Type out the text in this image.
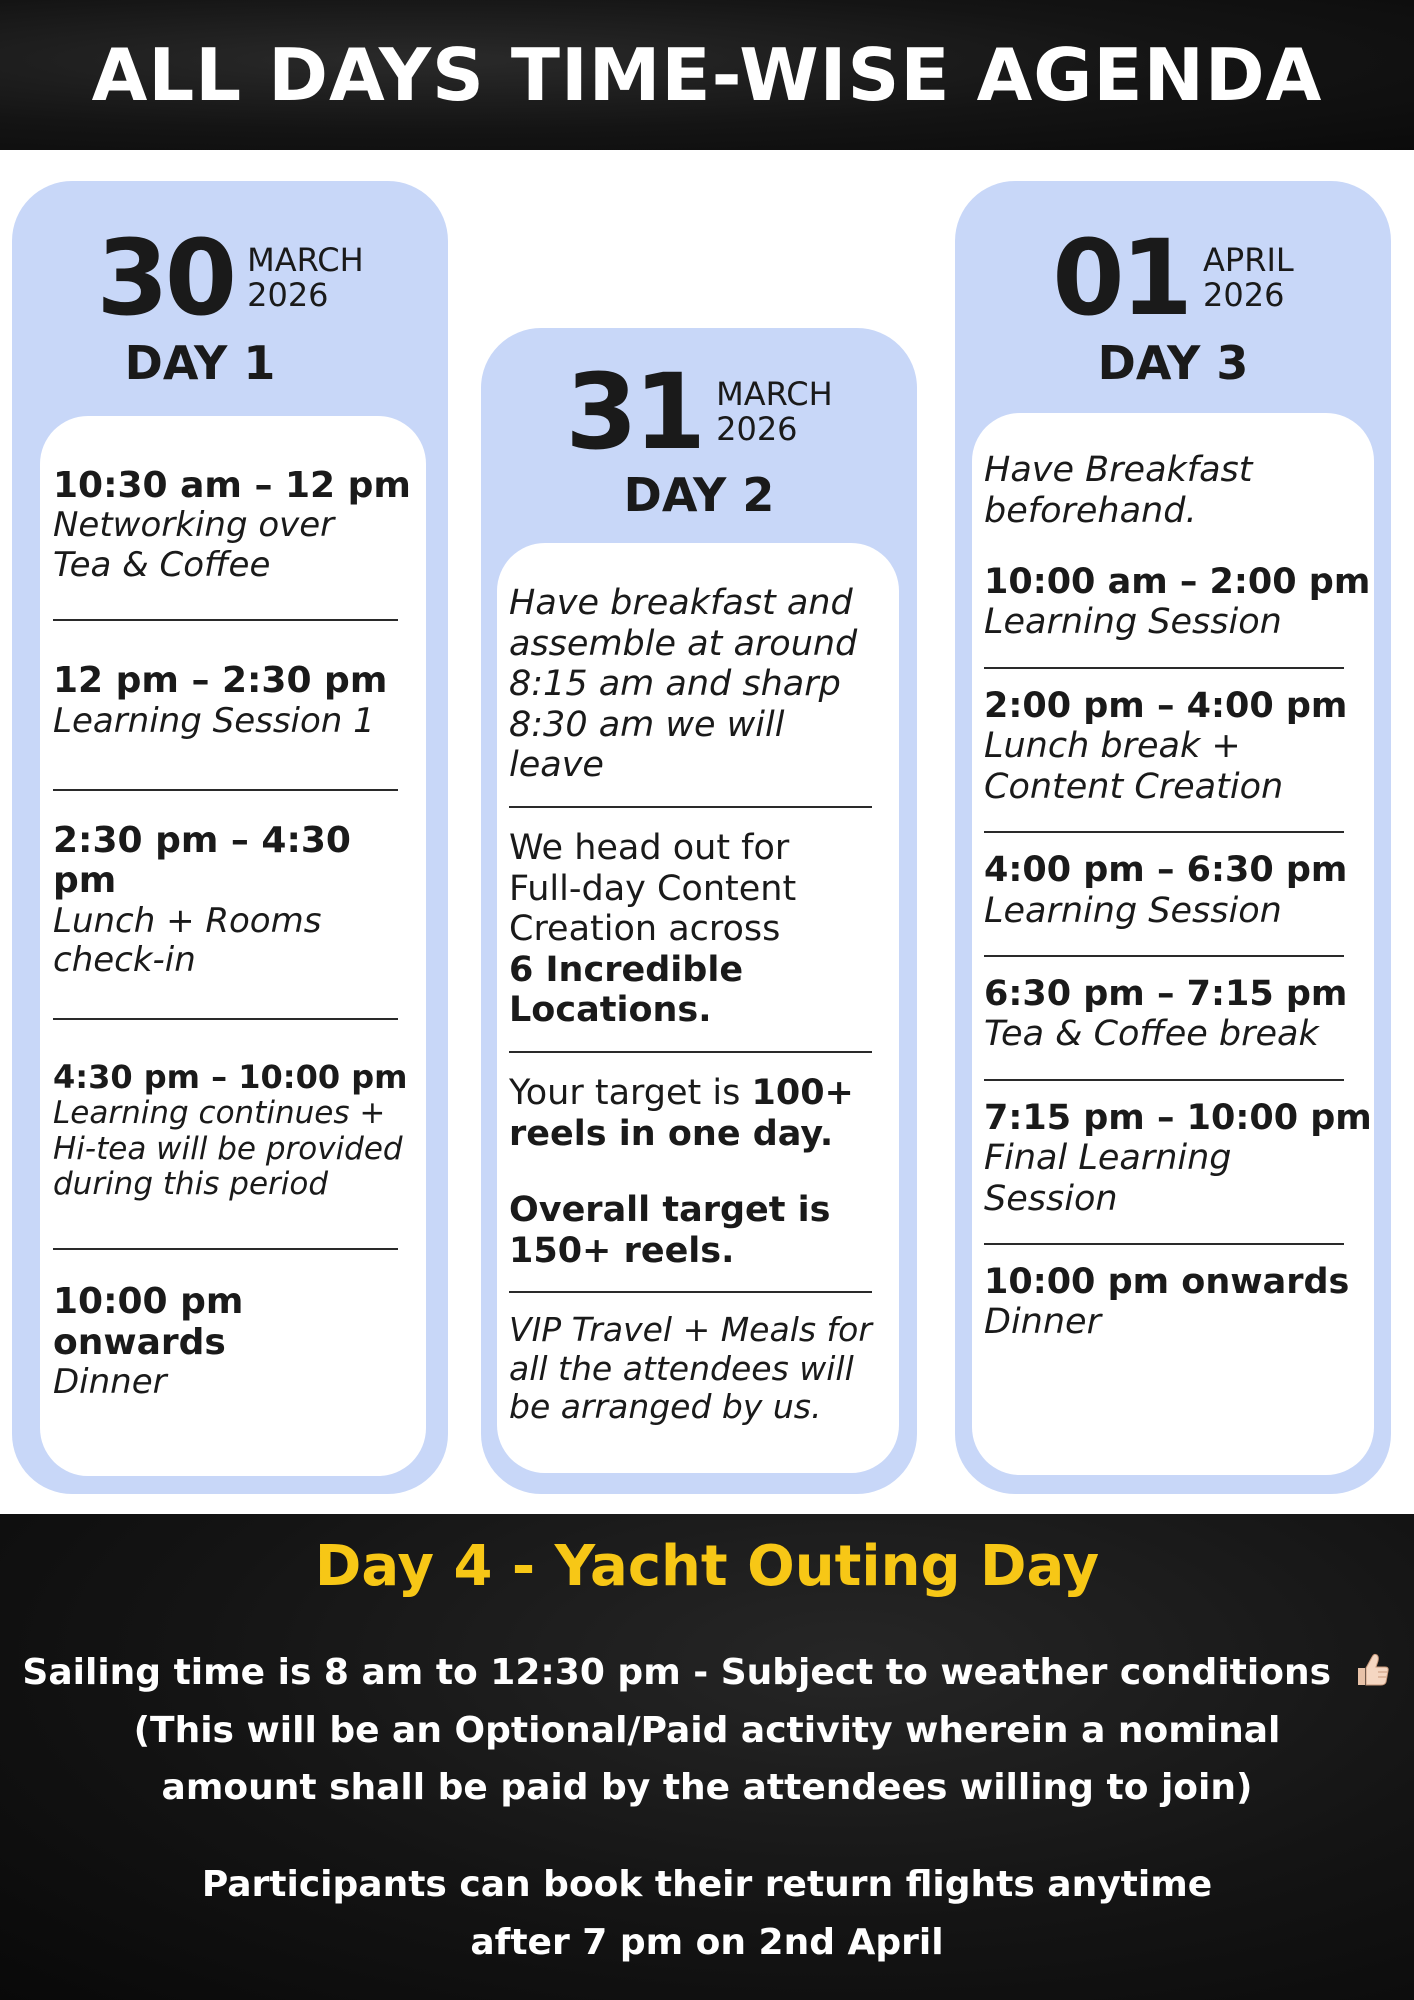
ALL DAYS TIME-WISE AGENDA
30 MARCH
2026
DAY 1
10:30 am – 12 pm
Networking over
Tea & Coffee
12 pm – 2:30 pm
Learning Session 1
2:30 pm – 4:30 pm
Lunch + Rooms
check-in
4:30 pm – 10:00 pm
Learning continues +
Hi-tea will be provided
during this period
10:00 pm onwards
Dinner
31 MARCH
2026
DAY 2
Have breakfast and
assemble at around
8:15 am and sharp
8:30 am we will
leave
We head out for
Full-day Content
Creation across
6 Incredible
Locations.
Your target is 100+
reels in one day.
Overall target is
150+ reels.
VIP Travel + Meals for
all the attendees will
be arranged by us.
01 APRIL
2026
DAY 3
Have Breakfast
beforehand.
10:00 am – 2:00 pm
Learning Session
2:00 pm – 4:00 pm
Lunch break +
Content Creation
4:00 pm – 6:30 pm
Learning Session
6:30 pm – 7:15 pm
Tea & Coffee break
7:15 pm – 10:00 pm
Final Learning
Session
10:00 pm onwards
Dinner
Day 4 - Yacht Outing Day
Sailing time is 8 am to 12:30 pm - Subject to weather conditions
(This will be an Optional/Paid activity wherein a nominal
amount shall be paid by the attendees willing to join)
Participants can book their return flights anytime
after 7 pm on 2nd April
